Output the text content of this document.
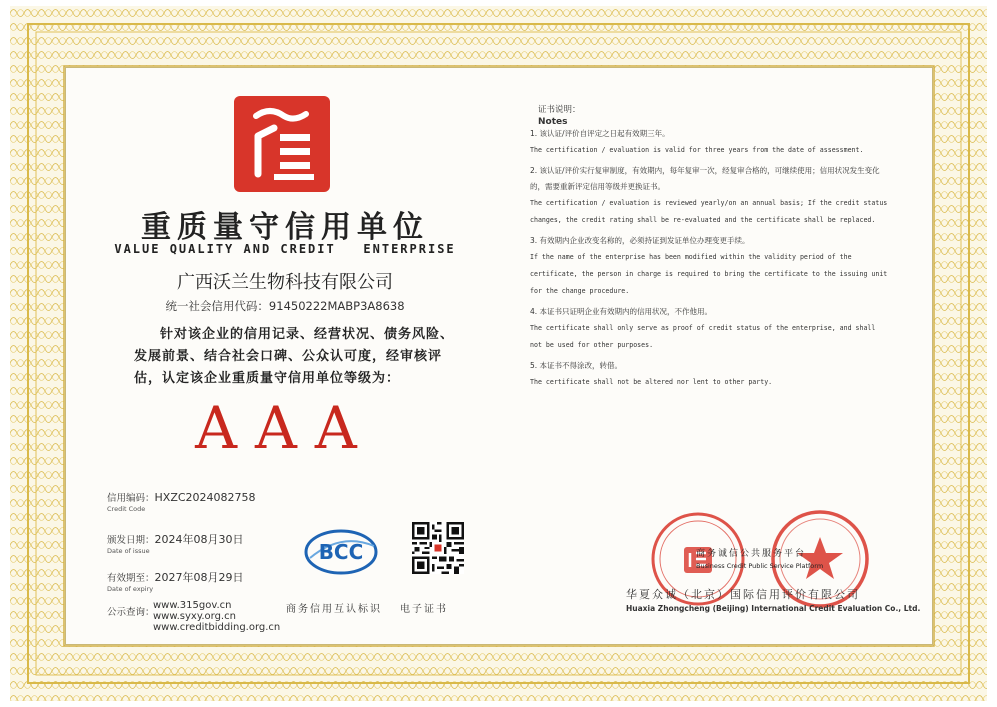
重质量守信用单位
VALUE QUALITY AND CREDIT   ENTERPRISE
广西沃兰生物科技有限公司
统一社会信用代码：91450222MABP3A8638
针对该企业的信用记录、经营状况、债务风险、发展前景、结合社会口碑、公众认可度，经审核评估，认定该企业重质量守信用单位等级为：
AAA
信用编码：HXZC2024082758
Credit Code
颁发日期：2024年08月30日
Date of issue
有效期至：2027年08月29日
Date of expiry
公示查询：
www.315gov.cn
www.syxy.org.cn
www.creditbidding.org.cn
BCC
商务信用互认标识 电子证书
证书说明：
Notes
1. 该认证/评价自评定之日起有效期三年。
The certification / evaluation is valid for three years from the date of assessment.
2. 该认证/评价实行复审制度，有效期内，每年复审一次，经复审合格的，可继续使用；信用状况发生变化的，需要重新评定信用等级并更换证书。
The certification / evaluation is reviewed yearly/on an annual basis; If the credit status changes, the credit rating shall be re-evaluated and the certificate shall be replaced.
3. 有效期内企业改变名称的，必须持证到发证单位办理变更手续。
If the name of the enterprise has been modified within the validity period of the certificate, the person in charge is required to bring the certificate to the issuing unit for the change procedure.
4. 本证书只证明企业有效期内的信用状况，不作他用。
The certificate shall only serve as proof of credit status of the enterprise, and shall not be used for other purposes.
5. 本证书不得涂改，转借。
The certificate shall not be altered nor lent to other party.
商务诚信公共服务平台
Business Credit Public Service Platform
华夏众诚（北京）国际信用评价有限公司
Huaxia Zhongcheng (Beijing) International Credit Evaluation Co., Ltd.
